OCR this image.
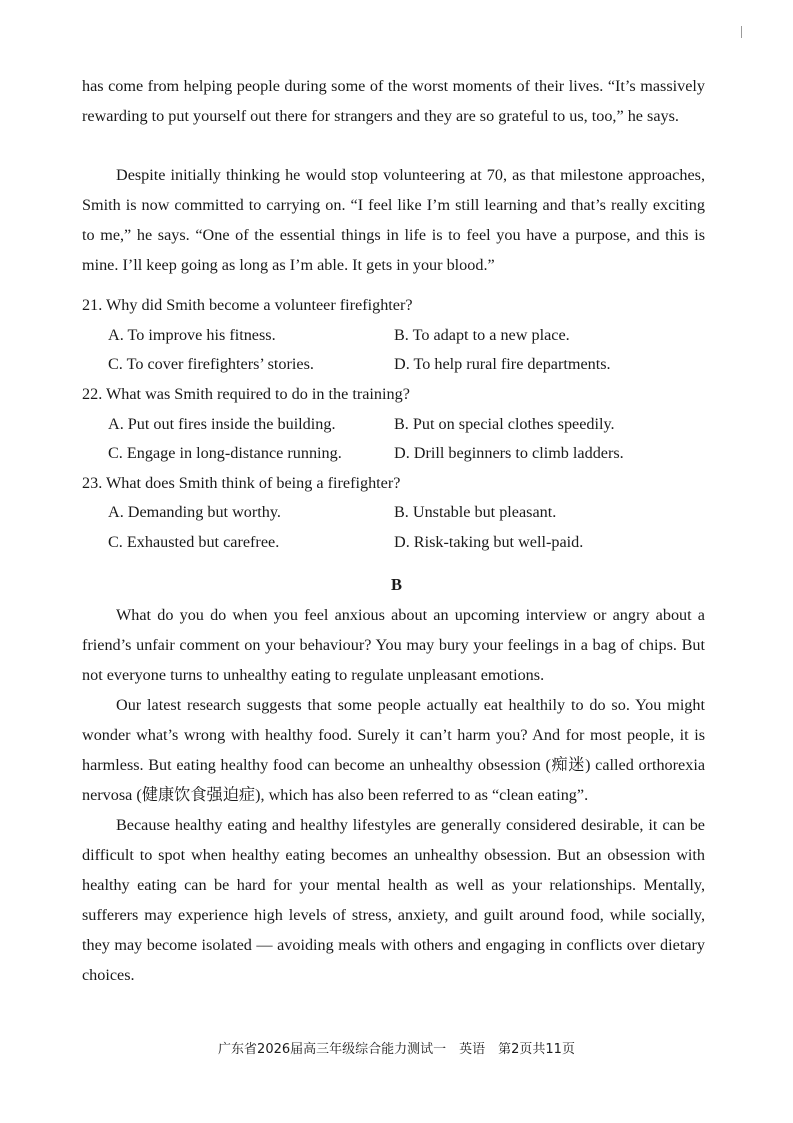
has come from helping people during some of the worst moments of their lives. “It’s massively rewarding to put yourself out there for strangers and they are so grateful to us, too,” he says.

Despite initially thinking he would stop volunteering at 70, as that milestone approaches, Smith is now committed to carrying on. “I feel like I’m still learning and that’s really exciting to me,” he says. “One of the essential things in life is to feel you have a purpose, and this is mine. I’ll keep going as long as I’m able. It gets in your blood.”

21. Why did Smith become a volunteer firefighter?

A. To improve his fitness.	B. To adapt to a new place.
C. To cover firefighters’ stories.	D. To help rural fire departments.

22. What was Smith required to do in the training?

A. Put out fires inside the building.	B. Put on special clothes speedily.
C. Engage in long-distance running.	D. Drill beginners to climb ladders.

23. What does Smith think of being a firefighter?

A. Demanding but worthy.	B. Unstable but pleasant.
C. Exhausted but carefree.	D. Risk-taking but well-paid.
B

What do you do when you feel anxious about an upcoming interview or angry about a friend’s unfair comment on your behaviour? You may bury your feelings in a bag of chips. But not everyone turns to unhealthy eating to regulate unpleasant emotions.

Our latest research suggests that some people actually eat healthily to do so. You might wonder what’s wrong with healthy food. Surely it can’t harm you? And for most people, it is harmless. But eating healthy food can become an unhealthy obsession (痴迷) called orthorexia nervosa (健康饮食强迫症), which has also been referred to as “clean eating”.

Because healthy eating and healthy lifestyles are generally considered desirable, it can be difficult to spot when healthy eating becomes an unhealthy obsession. But an obsession with healthy eating can be hard for your mental health as well as your relationships. Mentally, sufferers may experience high levels of stress, anxiety, and guilt around food, while socially, they may become isolated — avoiding meals with others and engaging in conflicts over dietary choices.

广东省2026届高三年级综合能力测试一　英语　第2页共11页
